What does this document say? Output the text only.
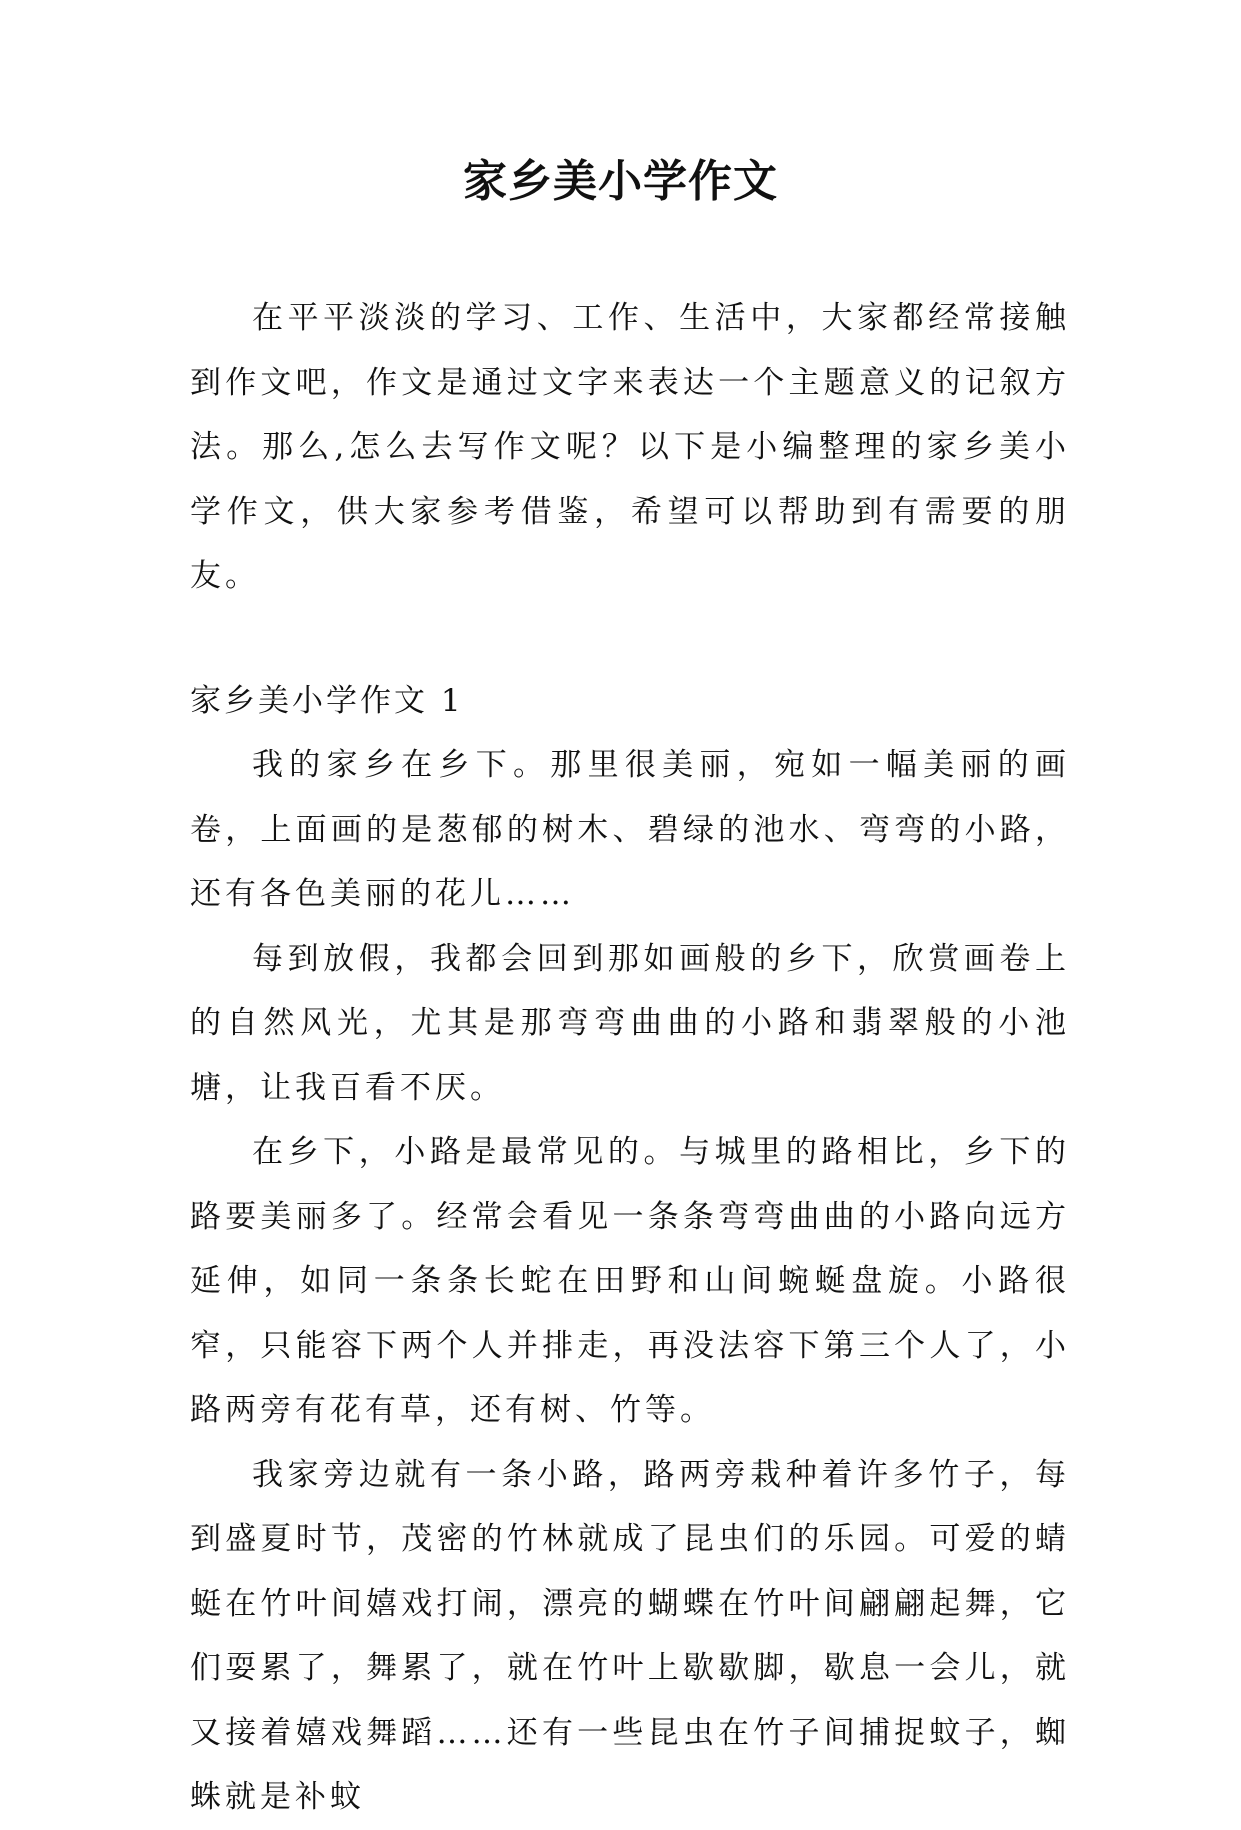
家乡美小学作文

在平平淡淡的学习、工作、生活中，大家都经常接触到作文吧，作文是通过文字来表达一个主题意义的记叙方法。那么,怎么去写作文呢？以下是小编整理的家乡美小学作文，供大家参考借鉴，希望可以帮助到有需要的朋友。

家乡美小学作文 1

我的家乡在乡下。那里很美丽，宛如一幅美丽的画卷，上面画的是葱郁的树木、碧绿的池水、弯弯的小路，还有各色美丽的花儿……

每到放假，我都会回到那如画般的乡下，欣赏画卷上的自然风光，尤其是那弯弯曲曲的小路和翡翠般的小池塘，让我百看不厌。

在乡下，小路是最常见的。与城里的路相比，乡下的路要美丽多了。经常会看见一条条弯弯曲曲的小路向远方延伸，如同一条条长蛇在田野和山间蜿蜒盘旋。小路很窄，只能容下两个人并排走，再没法容下第三个人了，小路两旁有花有草，还有树、竹等。

我家旁边就有一条小路，路两旁栽种着许多竹子，每到盛夏时节，茂密的竹林就成了昆虫们的乐园。可爱的蜻蜓在竹叶间嬉戏打闹，漂亮的蝴蝶在竹叶间翩翩起舞，它们耍累了，舞累了，就在竹叶上歇歇脚，歇息一会儿，就又接着嬉戏舞蹈……还有一些昆虫在竹子间捕捉蚊子，蜘蛛就是补蚊
